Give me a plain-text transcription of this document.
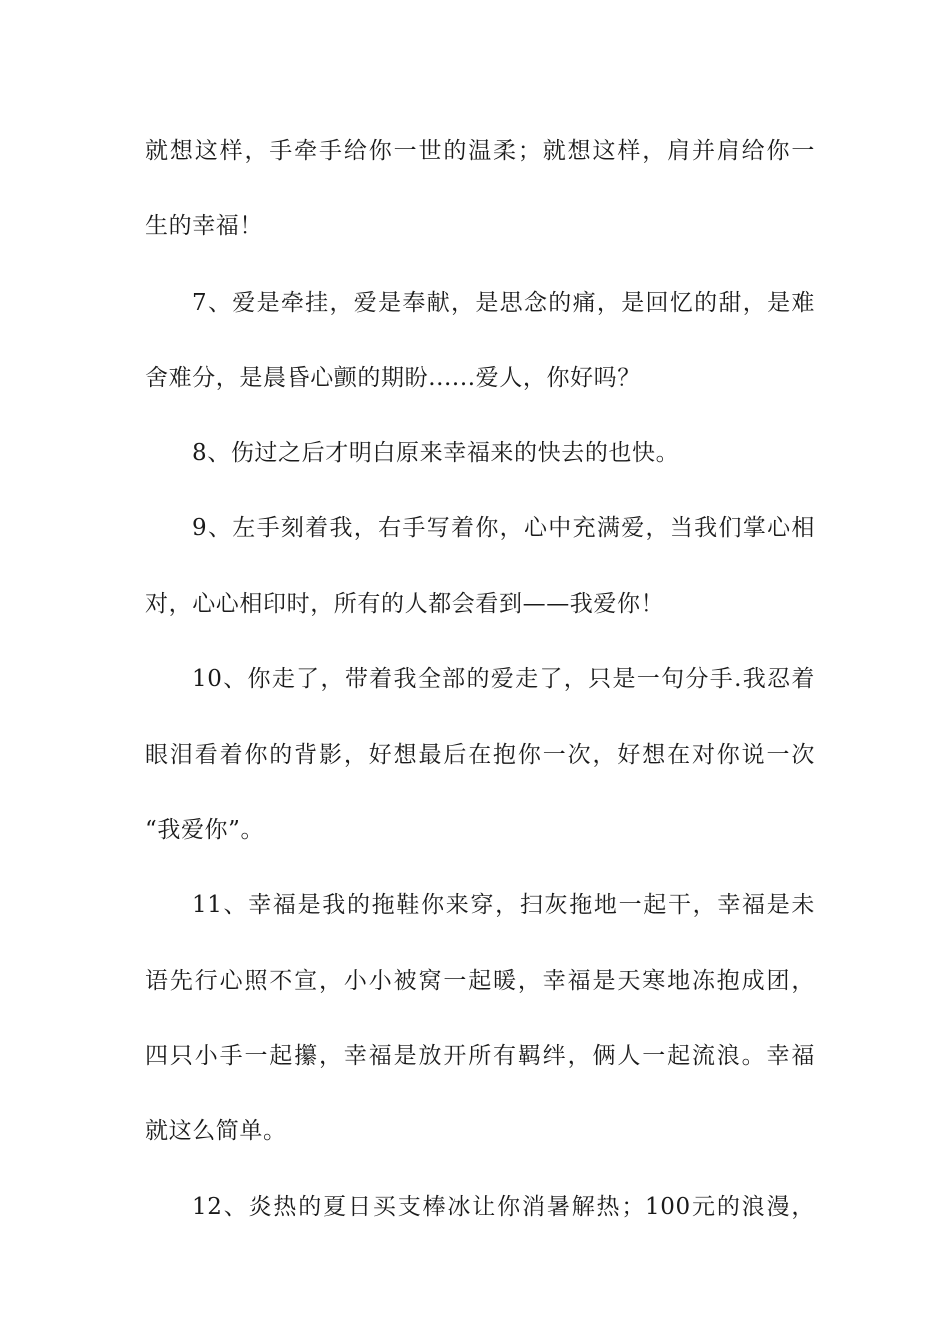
就想这样，手牵手给你一世的温柔；就想这样，肩并肩给你一
生的幸福！
7、爱是牵挂，爱是奉献，是思念的痛，是回忆的甜，是难
舍难分，是晨昏心颤的期盼......爱人，你好吗？
8、伤过之后才明白原来幸福来的快去的也快。
9、左手刻着我，右手写着你，心中充满爱，当我们掌心相
对，心心相印时，所有的人都会看到——我爱你！
10、你走了，带着我全部的爱走了，只是一句分手.我忍着
眼泪看着你的背影，好想最后在抱你一次，好想在对你说一次
“我爱你”。
11、幸福是我的拖鞋你来穿，扫灰拖地一起干，幸福是未
语先行心照不宣，小小被窝一起暖，幸福是天寒地冻抱成团，
四只小手一起攥，幸福是放开所有羁绊，俩人一起流浪。幸福
就这么简单。
12、炎热的夏日买支棒冰让你消暑解热；100元的浪漫，
